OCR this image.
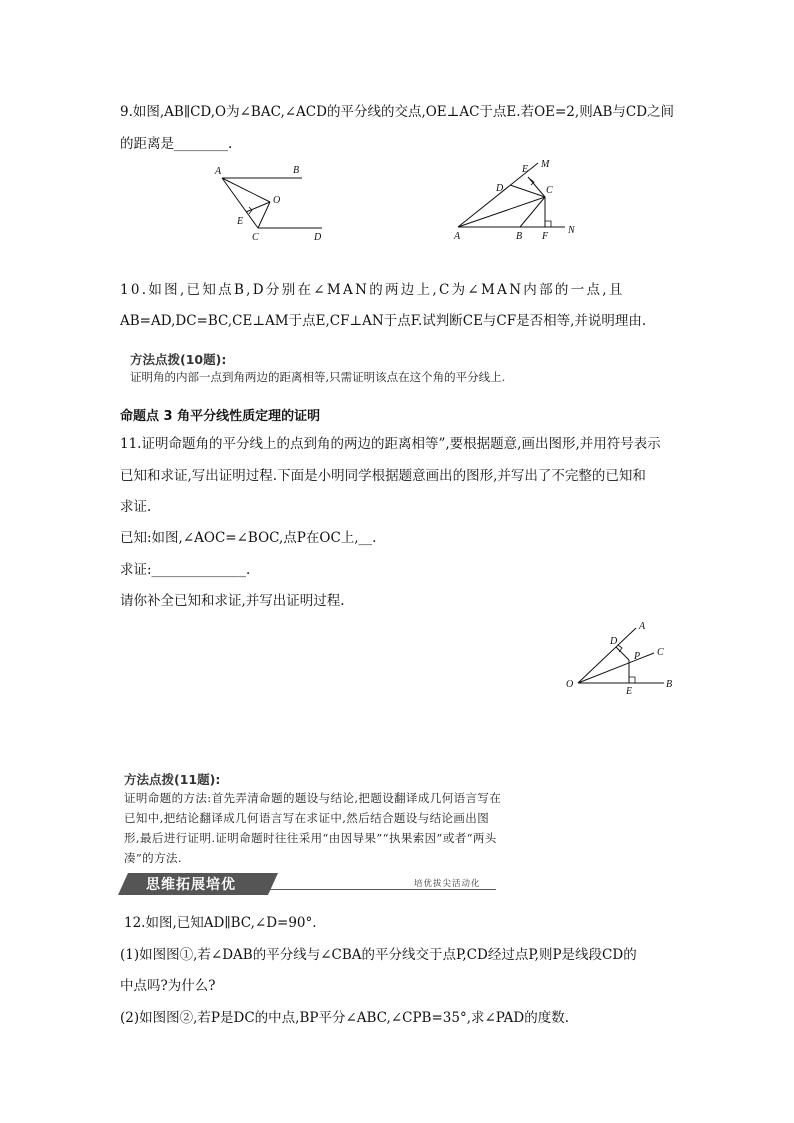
9.如图,AB∥CD,O为∠BAC,∠ACD的平分线的交点,OE⊥AC于点E.若OE=2,则AB与CD之间
的距离是________.
A	B
O
E
C	D
E M
D	C
A	B F
N
10.如图,已知点B,D分别在∠MAN的两边上,C为∠MAN内部的一点,且
AB=AD,DC=BC,CE⊥AM于点E,CF⊥AN于点F.试判断CE与CF是否相等,并说明理由.
方法点拨(10题):
证明角的内部一点到角两边的距离相等,只需证明该点在这个角的平分线上.
命题点 3 角平分线性质定理的证明
11.证明命题角的平分线上的点到角的两边的距离相等”,要根据题意,画出图形,并用符号表示
已知和求证,写出证明过程.下面是小明同学根据题意画出的图形,并写出了不完整的已知和
求证.
已知:如图,∠AOC=∠BOC,点P在OC上,__.
求证:______________.
请你补全已知和求证,并写出证明过程.
A
D
P C
O
E
B
方法点拨(11题):
证明命题的方法:首先弄清命题的题设与结论,把题设翻译成几何语言写在
已知中,把结论翻译成几何语言写在求证中,然后结合题设与结论画出图
形,最后进行证明.证明命题时往往采用“由因导果”“执果索因”或者“两头
凑”的方法.
思维拓展培优	培优拔尖活动化
12.如图,已知AD∥BC,∠D=90°.
(1)如图图①,若∠DAB的平分线与∠CBA的平分线交于点P,CD经过点P,则P是线段CD的
中点吗?为什么?
(2)如图图②,若P是DC的中点,BP平分∠ABC,∠CPB=35°,求∠PAD的度数.
